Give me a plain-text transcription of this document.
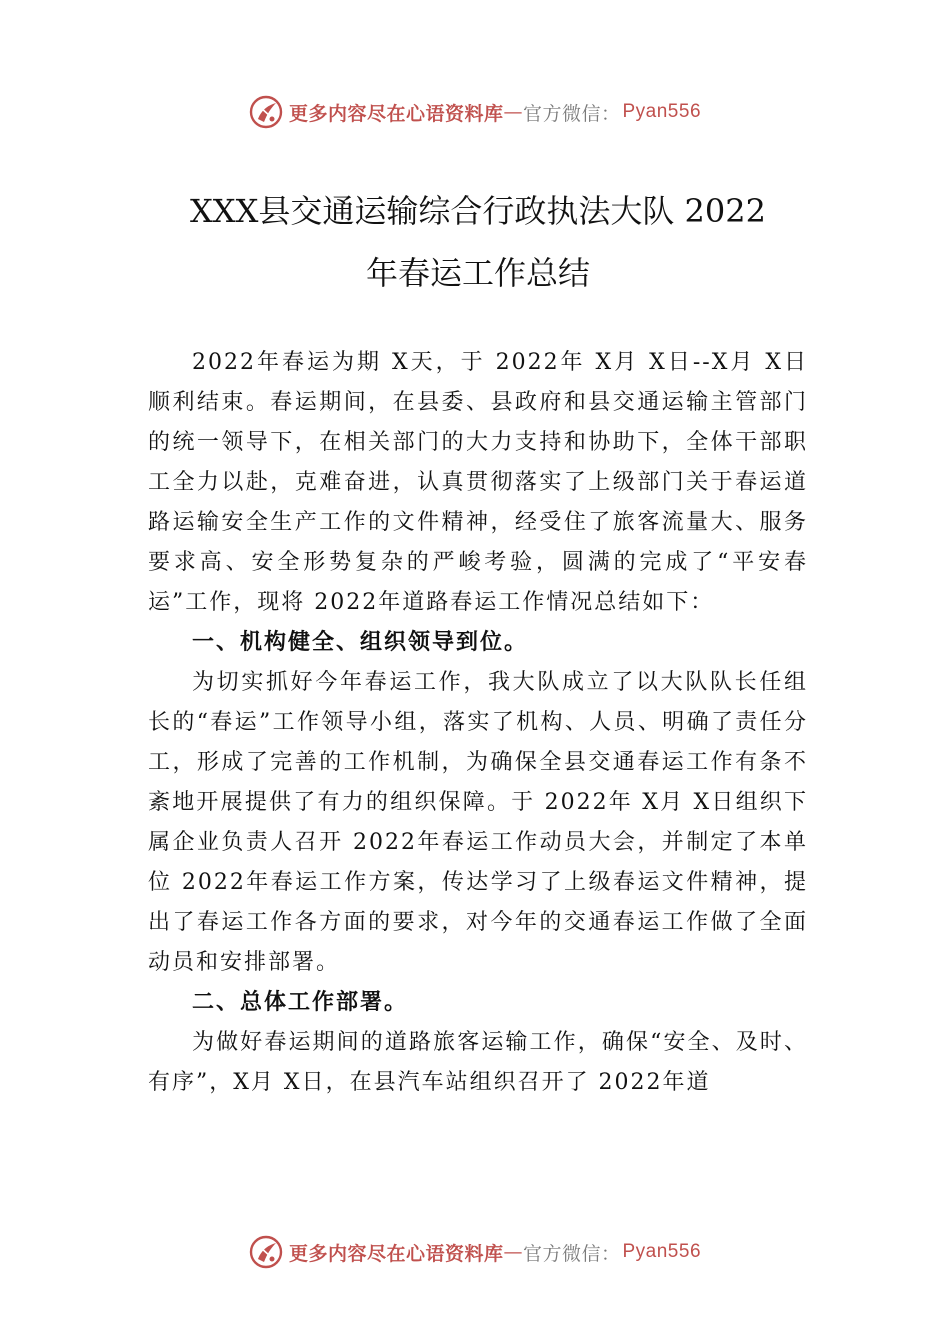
更多内容尽在心语资料库 — 官方微信： Pyan556
XXX县交通运输综合行政执法大队 2022
年春运工作总结

2022年春运为期 X天，于 2022年 X月 X日--X月 X日顺利结束。春运期间，在县委、县政府和县交通运输主管部门的统一领导下，在相关部门的大力支持和协助下，全体干部职工全力以赴，克难奋进，认真贯彻落实了上级部门关于春运道路运输安全生产工作的文件精神，经受住了旅客流量大、服务要求高、安全形势复杂的严峻考验，圆满的完成了“平安春运”工作，现将 2022年道路春运工作情况总结如下：

一、机构健全、组织领导到位。

为切实抓好今年春运工作，我大队成立了以大队队长任组长的“春运”工作领导小组，落实了机构、人员、明确了责任分工，形成了完善的工作机制，为确保全县交通春运工作有条不紊地开展提供了有力的组织保障。于 2022年 X月 X日组织下属企业负责人召开 2022年春运工作动员大会，并制定了本单位 2022年春运工作方案，传达学习了上级春运文件精神，提出了春运工作各方面的要求，对今年的交通春运工作做了全面动员和安排部署。

二、总体工作部署。

为做好春运期间的道路旅客运输工作，确保“安全、及时、有序”，X月 X日，在县汽车站组织召开了 2022年道

更多内容尽在心语资料库 — 官方微信： Pyan556
